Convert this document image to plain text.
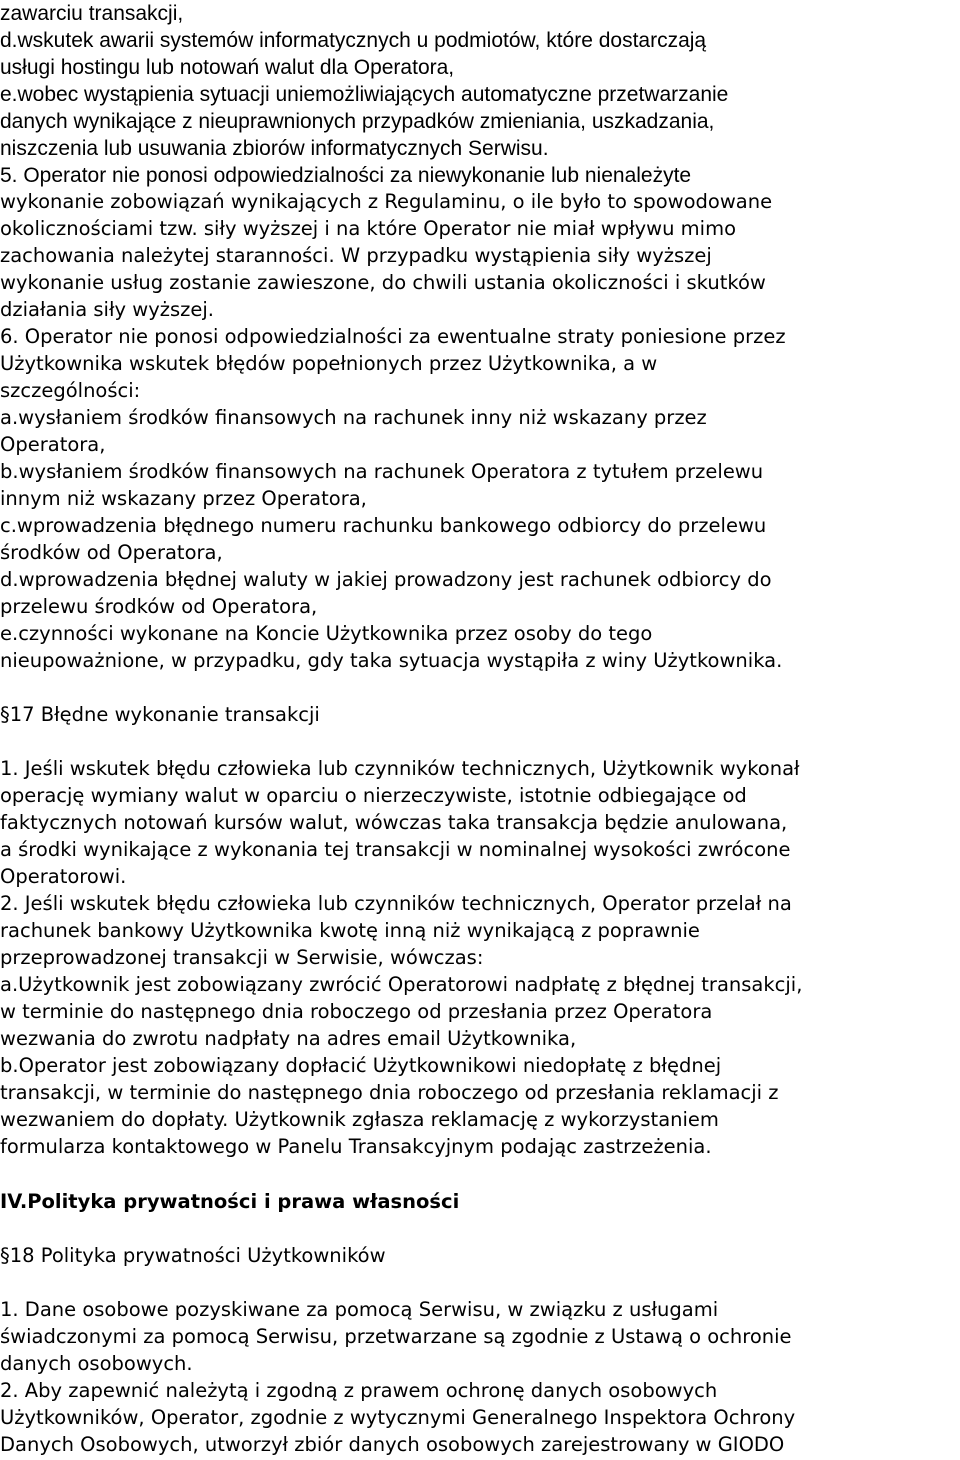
zawarciu transakcji,
d.wskutek awarii systemów informatycznych u podmiotów, które dostarczają
usługi hostingu lub notowań walut dla Operatora,
e.wobec wystąpienia sytuacji uniemożliwiających automatyczne przetwarzanie
danych wynikające z nieuprawnionych przypadków zmieniania, uszkadzania,
niszczenia lub usuwania zbiorów informatycznych Serwisu.
5. Operator nie ponosi odpowiedzialności za niewykonanie lub nienależyte
wykonanie zobowiązań wynikających z Regulaminu, o ile było to spowodowane
okolicznościami tzw. siły wyższej i na które Operator nie miał wpływu mimo
zachowania należytej staranności. W przypadku wystąpienia siły wyższej
wykonanie usług zostanie zawieszone, do chwili ustania okoliczności i skutków
działania siły wyższej.
6. Operator nie ponosi odpowiedzialności za ewentualne straty poniesione przez
Użytkownika wskutek błędów popełnionych przez Użytkownika, a w
szczególności:
a.wysłaniem środków finansowych na rachunek inny niż wskazany przez
Operatora,
b.wysłaniem środków finansowych na rachunek Operatora z tytułem przelewu
innym niż wskazany przez Operatora,
c.wprowadzenia błędnego numeru rachunku bankowego odbiorcy do przelewu
środków od Operatora,
d.wprowadzenia błędnej waluty w jakiej prowadzony jest rachunek odbiorcy do
przelewu środków od Operatora,
e.czynności wykonane na Koncie Użytkownika przez osoby do tego
nieupoważnione, w przypadku, gdy taka sytuacja wystąpiła z winy Użytkownika.
§17 Błędne wykonanie transakcji
1. Jeśli wskutek błędu człowieka lub czynników technicznych, Użytkownik wykonał
operację wymiany walut w oparciu o nierzeczywiste, istotnie odbiegające od
faktycznych notowań kursów walut, wówczas taka transakcja będzie anulowana,
a środki wynikające z wykonania tej transakcji w nominalnej wysokości zwrócone
Operatorowi.
2. Jeśli wskutek błędu człowieka lub czynników technicznych, Operator przelał na
rachunek bankowy Użytkownika kwotę inną niż wynikającą z poprawnie
przeprowadzonej transakcji w Serwisie, wówczas:
a.Użytkownik jest zobowiązany zwrócić Operatorowi nadpłatę z błędnej transakcji,
w terminie do następnego dnia roboczego od przesłania przez Operatora
wezwania do zwrotu nadpłaty na adres email Użytkownika,
b.Operator jest zobowiązany dopłacić Użytkownikowi niedopłatę z błędnej
transakcji, w terminie do następnego dnia roboczego od przesłania reklamacji z
wezwaniem do dopłaty. Użytkownik zgłasza reklamację z wykorzystaniem
formularza kontaktowego w Panelu Transakcyjnym podając zastrzeżenia.
IV.Polityka prywatności i prawa własności
§18 Polityka prywatności Użytkowników
1. Dane osobowe pozyskiwane za pomocą Serwisu, w związku z usługami
świadczonymi za pomocą Serwisu, przetwarzane są zgodnie z Ustawą o ochronie
danych osobowych.
2. Aby zapewnić należytą i zgodną z prawem ochronę danych osobowych
Użytkowników, Operator, zgodnie z wytycznymi Generalnego Inspektora Ochrony
Danych Osobowych, utworzył zbiór danych osobowych zarejestrowany w GIODO
